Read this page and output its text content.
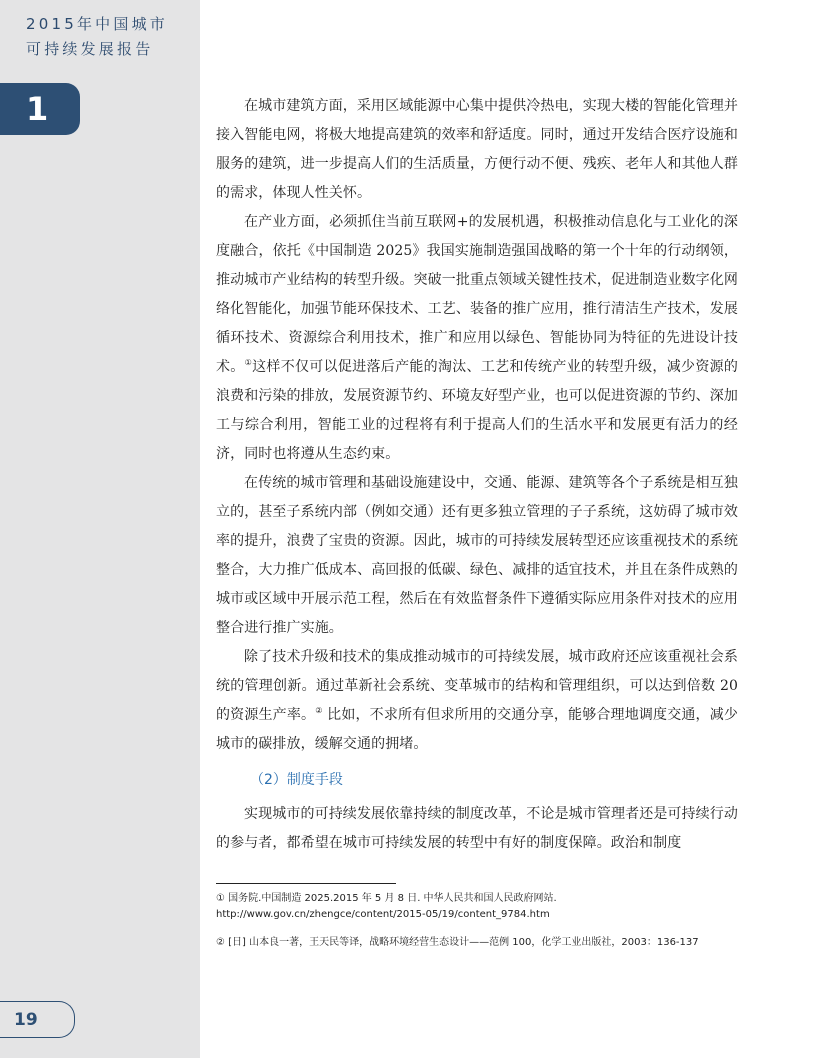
2015年中国城市
可持续发展报告
1
19

在城市建筑方面，采用区域能源中心集中提供冷热电，实现大楼的智能化管理并接入智能电网，将极大地提高建筑的效率和舒适度。同时，通过开发结合医疗设施和服务的建筑，进一步提高人们的生活质量，方便行动不便、残疾、老年人和其他人群的需求，体现人性关怀。

在产业方面，必须抓住当前互联网+的发展机遇，积极推动信息化与工业化的深度融合，依托《中国制造 2025》我国实施制造强国战略的第一个十年的行动纲领，推动城市产业结构的转型升级。突破一批重点领域关键性技术，促进制造业数字化网络化智能化，加强节能环保技术、工艺、装备的推广应用，推行清洁生产技术，发展循环技术、资源综合利用技术，推广和应用以绿色、智能协同为特征的先进设计技术。①这样不仅可以促进落后产能的淘汰、工艺和传统产业的转型升级，减少资源的浪费和污染的排放，发展资源节约、环境友好型产业，也可以促进资源的节约、深加工与综合利用，智能工业的过程将有利于提高人们的生活水平和发展更有活力的经济，同时也将遵从生态约束。

在传统的城市管理和基础设施建设中，交通、能源、建筑等各个子系统是相互独立的，甚至子系统内部（例如交通）还有更多独立管理的子子系统，这妨碍了城市效率的提升，浪费了宝贵的资源。因此，城市的可持续发展转型还应该重视技术的系统整合，大力推广低成本、高回报的低碳、绿色、减排的适宜技术，并且在条件成熟的城市或区域中开展示范工程，然后在有效监督条件下遵循实际应用条件对技术的应用整合进行推广实施。

除了技术升级和技术的集成推动城市的可持续发展，城市政府还应该重视社会系统的管理创新。通过革新社会系统、变革城市的结构和管理组织，可以达到倍数 20 的资源生产率。② 比如，不求所有但求所用的交通分享，能够合理地调度交通，减少城市的碳排放，缓解交通的拥堵。

（2）制度手段

实现城市的可持续发展依靠持续的制度改革，不论是城市管理者还是可持续行动的参与者，都希望在城市可持续发展的转型中有好的制度保障。政治和制度

① 国务院.中国制造 2025.2015 年 5 月 8 日. 中华人民共和国人民政府网站.
http://www.gov.cn/zhengce/content/2015-05/19/content_9784.htm
② [日] 山本良一著，王天民等译，战略环境经营生态设计——范例 100，化学工业出版社，2003：136-137
